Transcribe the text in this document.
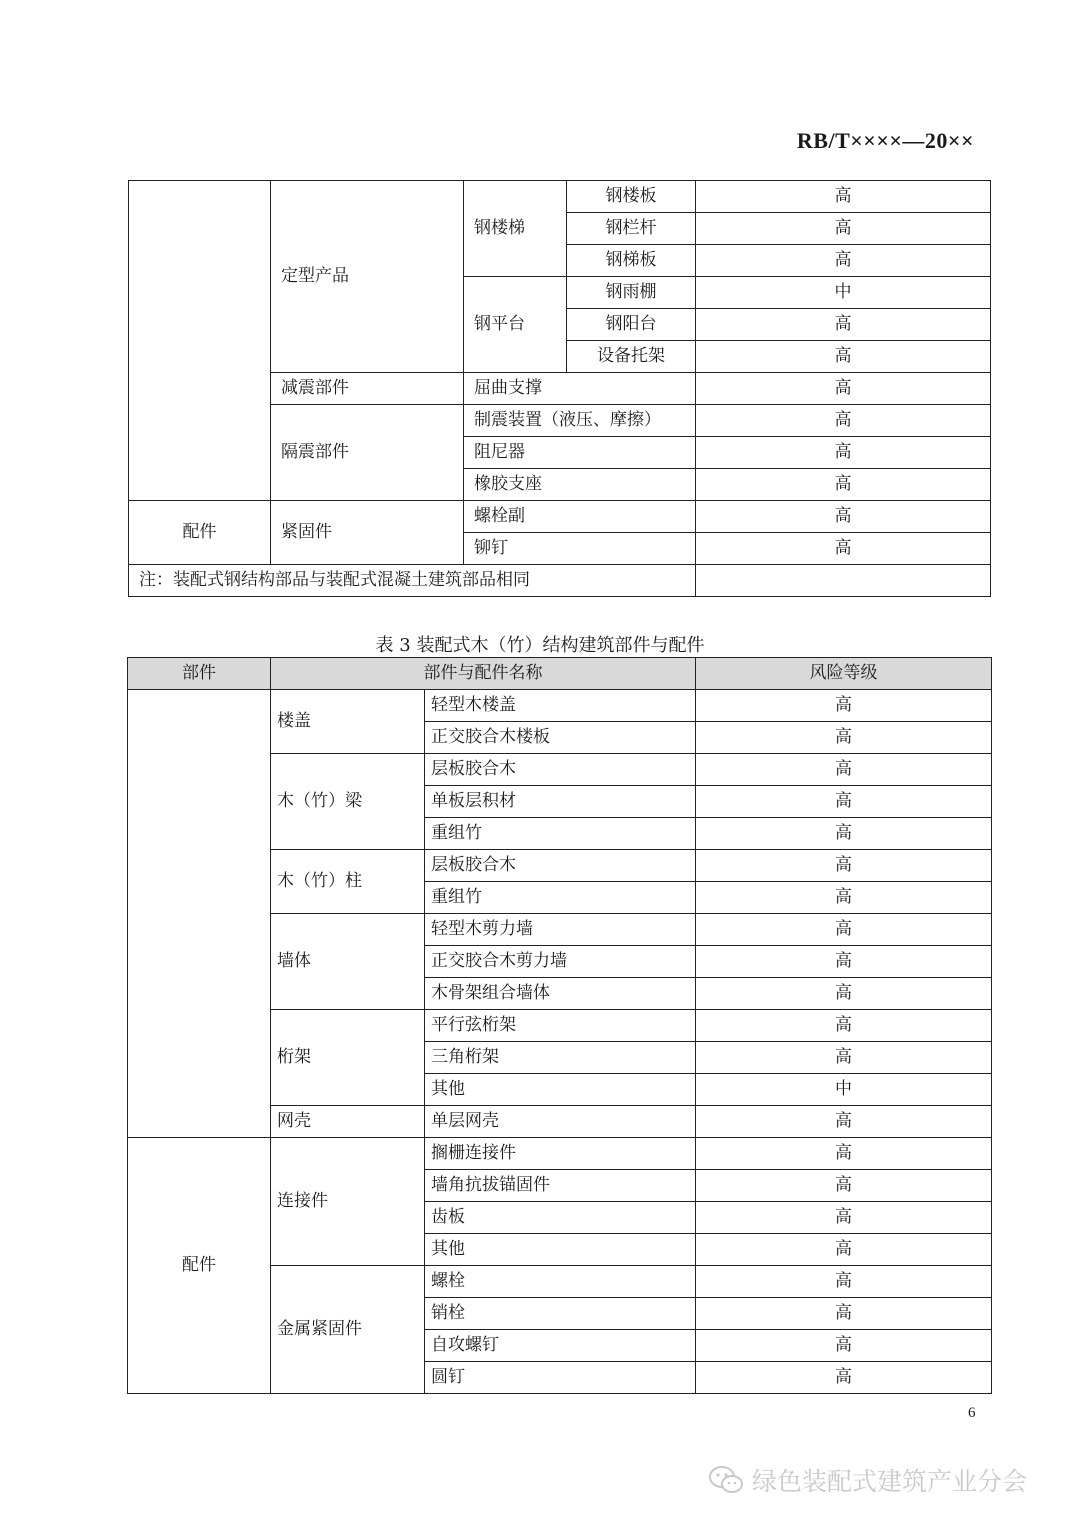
RB/T××××—20××
	定型产品	钢楼梯	钢楼板	高
			钢栏杆	高
			钢梯板	高
		钢平台	钢雨棚	中
			钢阳台	高
			设备托架	高
	减震部件	屈曲支撑		高
	隔震部件	制震装置（液压、摩擦）		高
		阻尼器		高
		橡胶支座		高
配件	紧固件	螺栓副		高
		铆钉		高
注：装配式钢结构部品与装配式混凝土建筑部品相同				
表 3 装配式木（竹）结构建筑部件与配件
部件	部件与配件名称		风险等级
	楼盖	轻型木楼盖	高
		正交胶合木楼板	高
	木（竹）梁	层板胶合木	高
		单板层积材	高
		重组竹	高
	木（竹）柱	层板胶合木	高
		重组竹	高
	墙体	轻型木剪力墙	高
		正交胶合木剪力墙	高
		木骨架组合墙体	高
	桁架	平行弦桁架	高
		三角桁架	高
		其他	中
	网壳	单层网壳	高
配件	连接件	搁栅连接件	高
		墙角抗拔锚固件	高
		齿板	高
		其他	高
	金属紧固件	螺栓	高
		销栓	高
		自攻螺钉	高
		圆钉	高
6
绿色装配式建筑产业分会
